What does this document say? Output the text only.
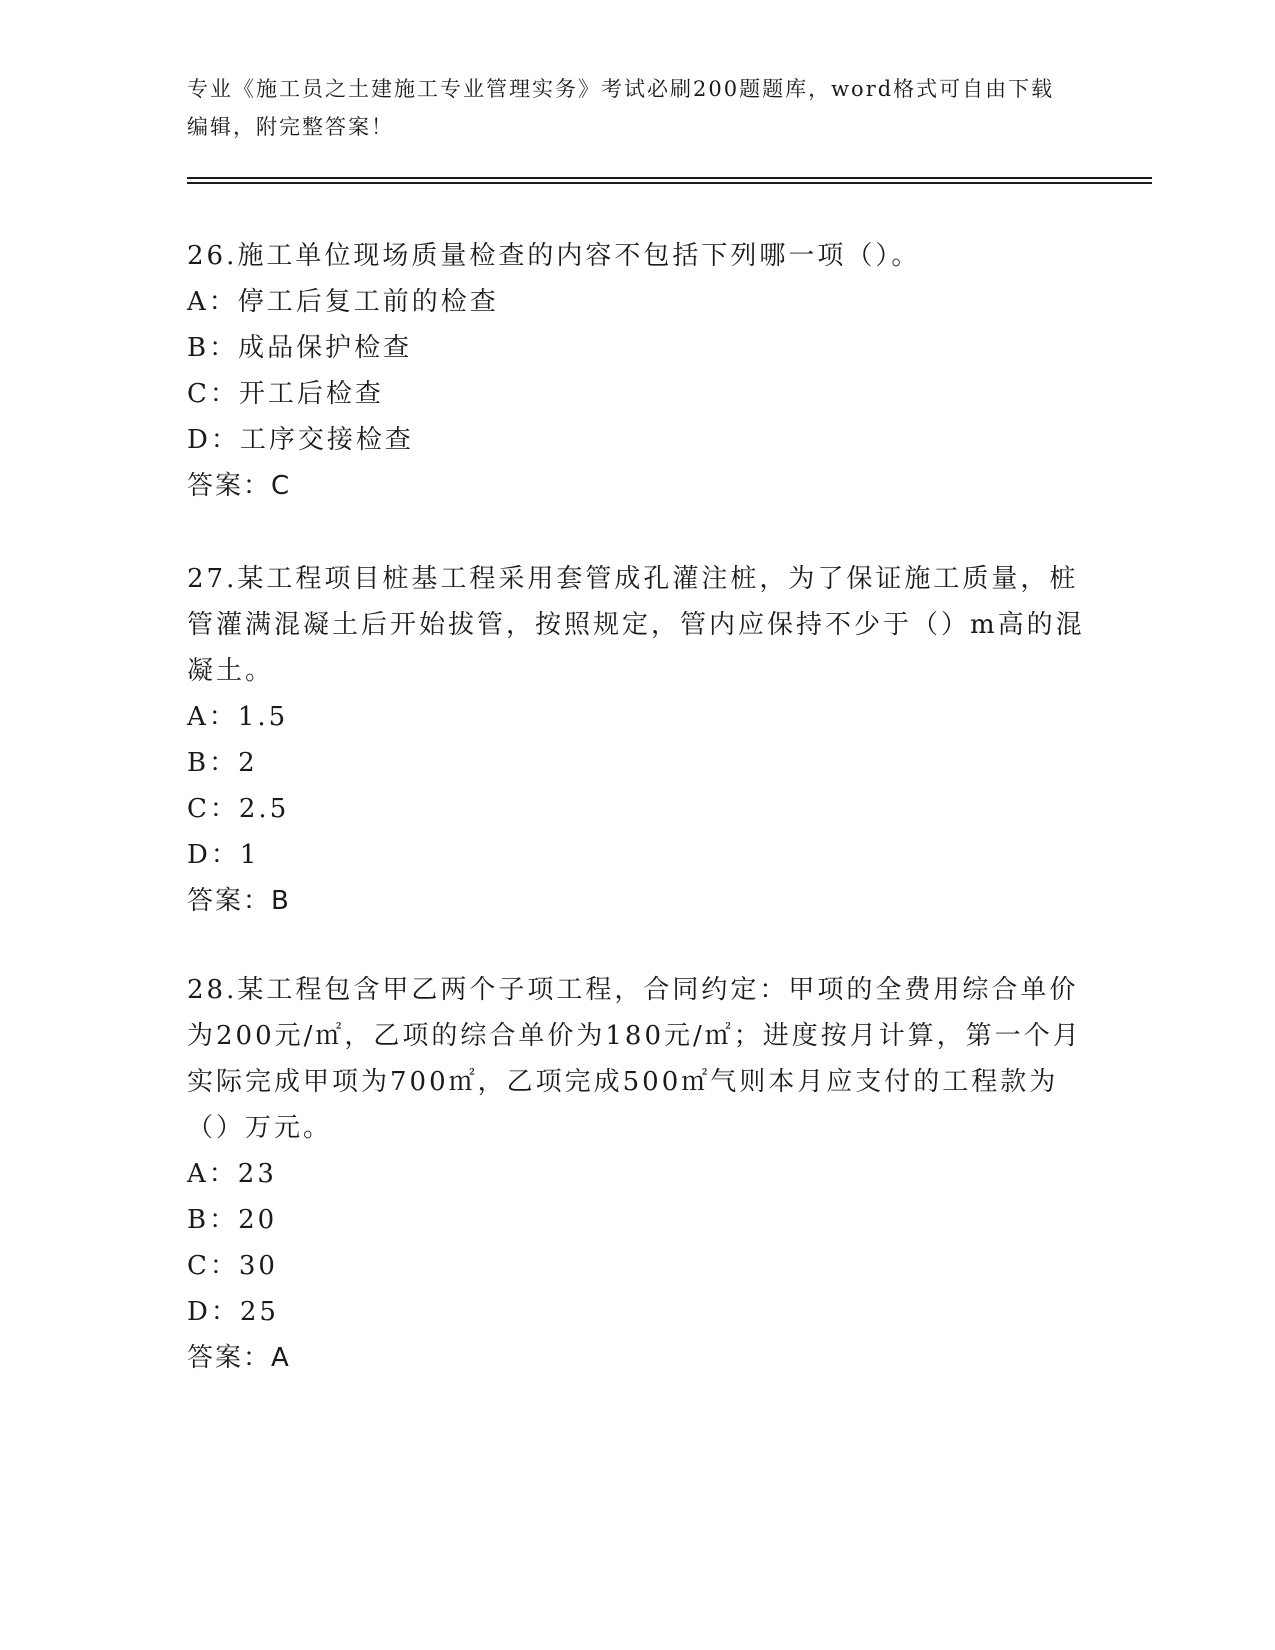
专业《施工员之土建施工专业管理实务》考试必刷200题题库，word格式可自由下载编辑，附完整答案！

26.施工单位现场质量检查的内容不包括下列哪一项（）。

A：停工后复工前的检查

B：成品保护检查

C：开工后检查

D：工序交接检查

答案：C

27.某工程项目桩基工程采用套管成孔灌注桩，为了保证施工质量，桩管灌满混凝土后开始拔管，按照规定，管内应保持不少于（）m高的混凝土。

A：1.5

B：2

C：2.5

D：1

答案：B

28.某工程包含甲乙两个子项工程，合同约定：甲项的全费用综合单价为200元/㎡，乙项的综合单价为180元/㎡；进度按月计算，第一个月实际完成甲项为700㎡，乙项完成500㎡气则本月应支付的工程款为（）万元。

A：23

B：20

C：30

D：25

答案：A
